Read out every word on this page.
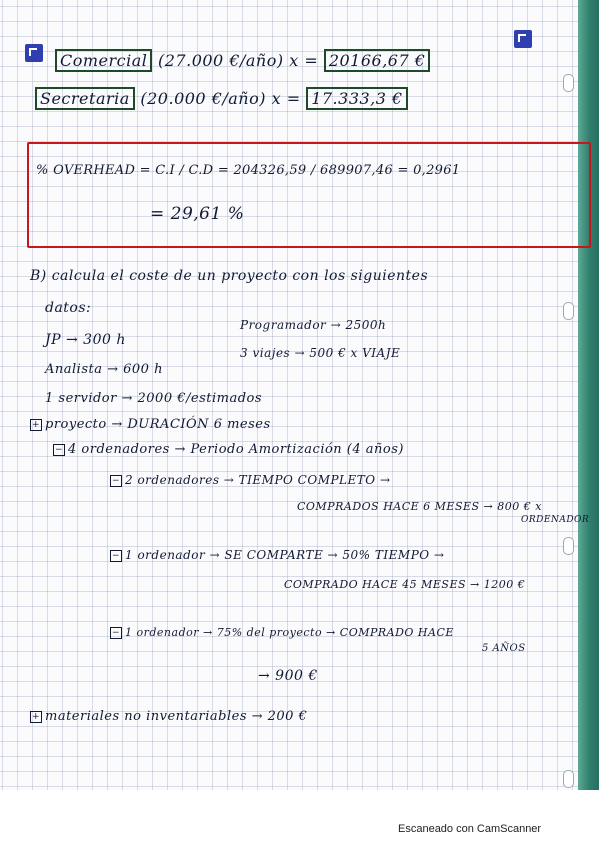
Comercial (27.000 €/año) x = 20166,67 €
Secretaria (20.000 €/año) x = 17.333,3 €
% OVERHEAD = C.I / C.D = 204326,59 / 689907,46 = 0,2961
= 29,61 %
B) calcula el coste de un proyecto con los siguientes
datos:
JP → 300 h
Programador → 2500h
Analista → 600 h
3 viajes → 500 € x VIAJE
1 servidor → 2000 €/estimados
+ proyecto → DURACIÓN 6 meses
− 4 ordenadores → Periodo Amortización (4 años)
− 2 ordenadores → TIEMPO COMPLETO →
COMPRADOS HACE 6 MESES → 800 € x
ORDENADOR
− 1 ordenador → SE COMPARTE → 50% TIEMPO →
COMPRADO HACE 45 MESES → 1200 €
− 1 ordenador → 75% del proyecto → COMPRADO HACE
5 AÑOS
→ 900 €
+ materiales no inventariables → 200 €
Escaneado con CamScanner
